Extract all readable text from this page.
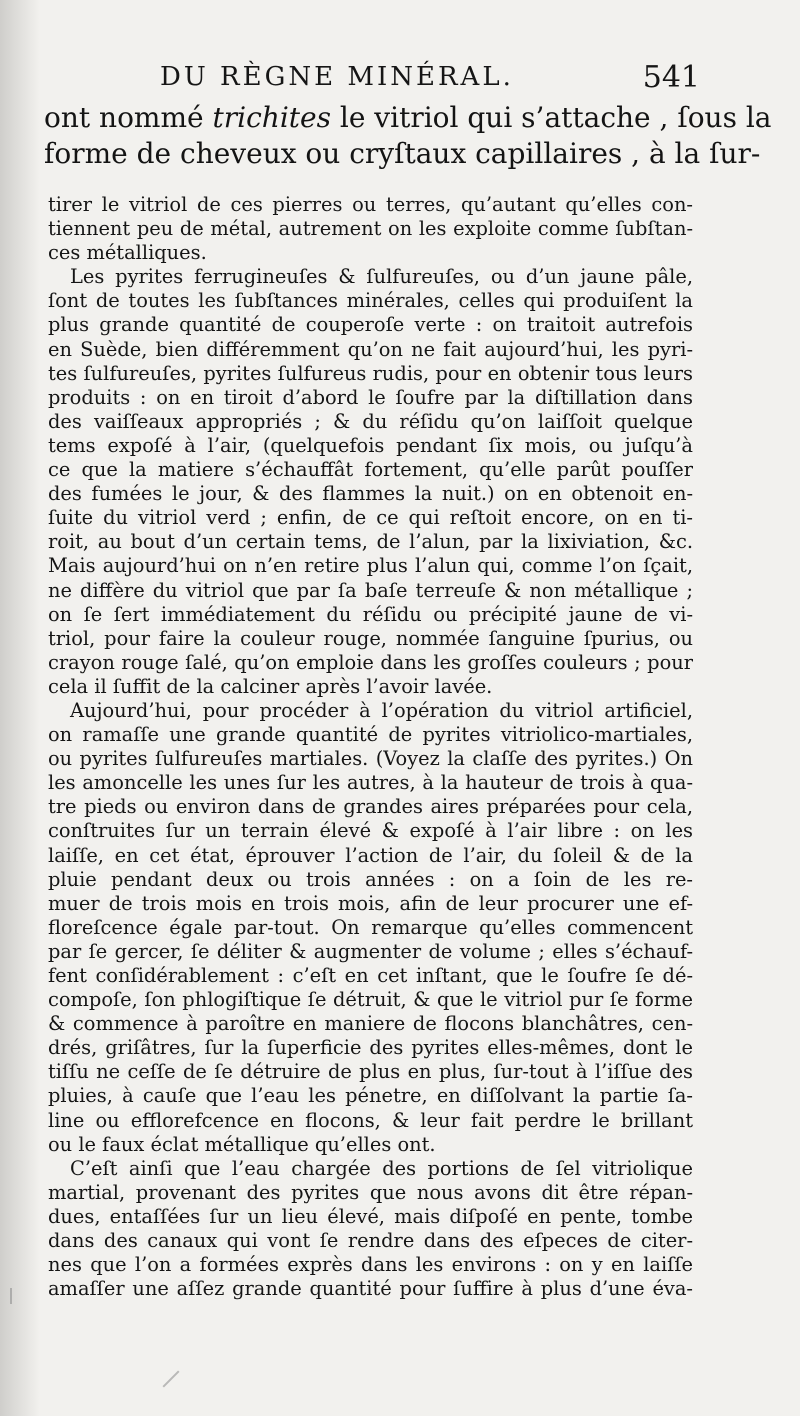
DU RÈGNE MINÉRAL.	541

ont nommé trichites le vitriol qui s’attache , ſous la

forme de cheveux ou cryſtaux capillaires , à la ſur-

tirer le vitriol de ces pierres ou terres, qu’autant qu’elles con-
tiennent peu de métal, autrement on les exploite comme ſubſtan-
ces métalliques.
Les pyrites ferrugineuſes & ſulfureuſes, ou d’un jaune pâle,
ſont de toutes les ſubſtances minérales, celles qui produiſent la
plus grande quantité de couperoſe verte : on traitoit autrefois
en Suède, bien différemment qu’on ne fait aujourd’hui, les pyri-
tes ſulfureuſes, pyrites ſulfureus rudis, pour en obtenir tous leurs
produits : on en tiroit d’abord le ſoufre par la diſtillation dans
des vaiſſeaux appropriés ; & du réſidu qu’on laiſſoit quelque
tems expoſé à l’air, (quelquefois pendant ſix mois, ou juſqu’à
ce que la matiere s’échauffât fortement, qu’elle parût pouſſer
des fumées le jour, & des flammes la nuit.) on en obtenoit en-
ſuite du vitriol verd ; enfin, de ce qui reſtoit encore, on en ti-
roit, au bout d’un certain tems, de l’alun, par la lixiviation, &c.
Mais aujourd’hui on n’en retire plus l’alun qui, comme l’on ſçait,
ne diffère du vitriol que par ſa baſe terreuſe & non métallique ;
on ſe ſert immédiatement du réſidu ou précipité jaune de vi-
triol, pour faire la couleur rouge, nommée ſanguine ſpurius, ou
crayon rouge ſalé, qu’on emploie dans les groſſes couleurs ; pour
cela il ſuffit de la calciner après l’avoir lavée.
Aujourd’hui, pour procéder à l’opération du vitriol artificiel,
on ramaſſe une grande quantité de pyrites vitriolico-martiales,
ou pyrites ſulfureuſes martiales. (Voyez la claſſe des pyrites.) On
les amoncelle les unes ſur les autres, à la hauteur de trois à qua-
tre pieds ou environ dans de grandes aires préparées pour cela,
conſtruites ſur un terrain élevé & expoſé à l’air libre : on les
laiſſe, en cet état, éprouver l’action de l’air, du ſoleil & de la
pluie pendant deux ou trois années : on a ſoin de les re-
muer de trois mois en trois mois, afin de leur procurer une ef-
floreſcence égale par-tout. On remarque qu’elles commencent
par ſe gercer, ſe déliter & augmenter de volume ; elles s’échauf-
fent conſidérablement : c’eſt en cet inſtant, que le ſoufre ſe dé-
compoſe, ſon phlogiſtique ſe détruit, & que le vitriol pur ſe forme
& commence à paroître en maniere de flocons blanchâtres, cen-
drés, griſâtres, ſur la ſuperficie des pyrites elles-mêmes, dont le
tiſſu ne ceſſe de ſe détruire de plus en plus, ſur-tout à l’iſſue des
pluies, à cauſe que l’eau les pénetre, en diſſolvant la partie ſa-
line ou efflorefcence en flocons, & leur fait perdre le brillant
ou le faux éclat métallique qu’elles ont.
C’eſt ainſi que l’eau chargée des portions de ſel vitriolique
martial, provenant des pyrites que nous avons dit être répan-
dues, entaſſées ſur un lieu élevé, mais diſpoſé en pente, tombe
dans des canaux qui vont ſe rendre dans des eſpeces de citer-
nes que l’on a formées exprès dans les environs : on y en laiſſe
amaſſer une aſſez grande quantité pour ſuffire à plus d’une éva-
